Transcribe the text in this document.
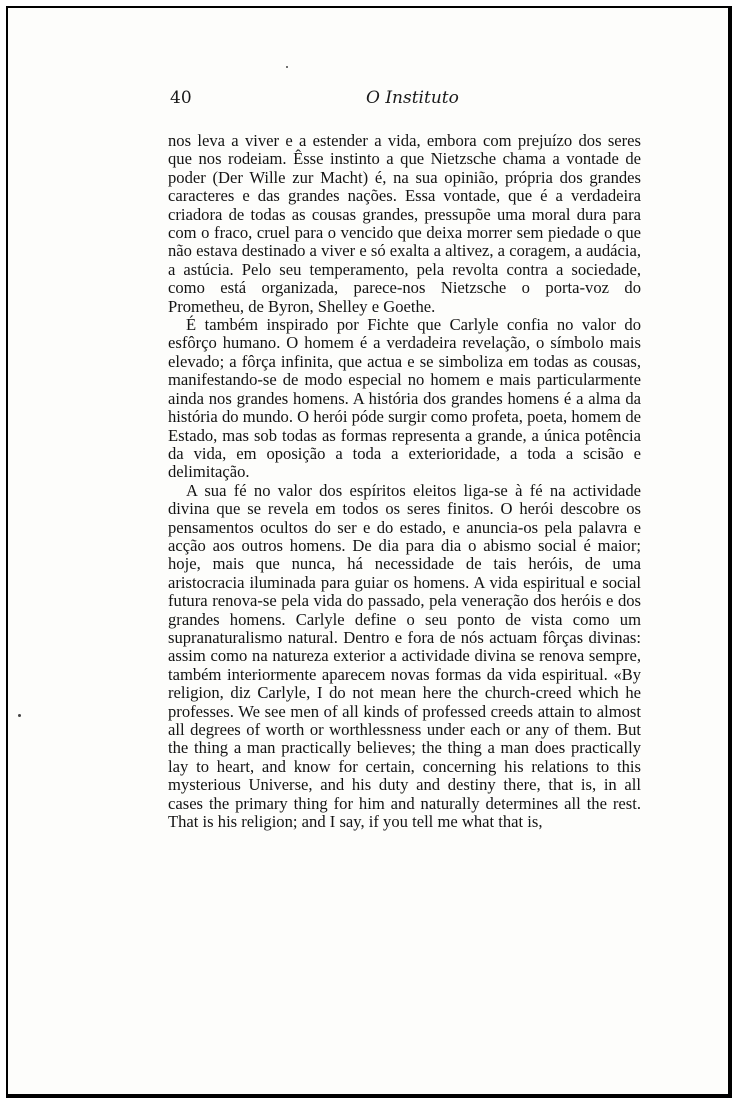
40	O Instituto

nos leva a viver e a estender a vida, embora com prejuízo dos seres que nos rodeiam. Êsse instinto a que Nietzsche chama a vontade de poder (Der Wille zur Macht) é, na sua opinião, própria dos grandes caracteres e das grandes nações. Essa vontade, que é a verdadeira criadora de todas as cousas grandes, pressupõe uma moral dura para com o fraco, cruel para o vencido que deixa morrer sem piedade o que não estava destinado a viver e só exalta a altivez, a coragem, a audácia, a astúcia. Pelo seu temperamento, pela revolta contra a sociedade, como está organizada, parece-nos Nietzsche o porta-voz do Prometheu, de Byron, Shelley e Goethe.

É também inspirado por Fichte que Carlyle confia no valor do esfôrço humano. O homem é a verdadeira revelação, o símbolo mais elevado; a fôrça infinita, que actua e se simboliza em todas as cousas, manifestando-se de modo especial no homem e mais particularmente ainda nos grandes homens. A história dos grandes homens é a alma da história do mundo. O herói póde surgir como profeta, poeta, homem de Estado, mas sob todas as formas representa a grande, a única potência da vida, em oposição a toda a exterioridade, a toda a scisão e delimitação.

A sua fé no valor dos espíritos eleitos liga-se à fé na actividade divina que se revela em todos os seres finitos. O herói descobre os pensamentos ocultos do ser e do estado, e anuncia-os pela palavra e acção aos outros homens. De dia para dia o abismo social é maior; hoje, mais que nunca, há necessidade de tais heróis, de uma aristocracia iluminada para guiar os homens. A vida espiritual e social futura renova-se pela vida do passado, pela veneração dos heróis e dos grandes homens. Carlyle define o seu ponto de vista como um supranaturalismo natural. Dentro e fora de nós actuam fôrças divinas: assim como na natureza exterior a actividade divina se renova sempre, também interiormente aparecem novas formas da vida espiritual. «By religion, diz Carlyle, I do not mean here the church-creed which he professes. We see men of all kinds of professed creeds attain to almost all degrees of worth or worthlessness under each or any of them. But the thing a man practically believes; the thing a man does practically lay to heart, and know for certain, concerning his relations to this mysterious Universe, and his duty and destiny there, that is, in all cases the primary thing for him and naturally determines all the rest. That is his religion; and I say, if you tell me what that is,
